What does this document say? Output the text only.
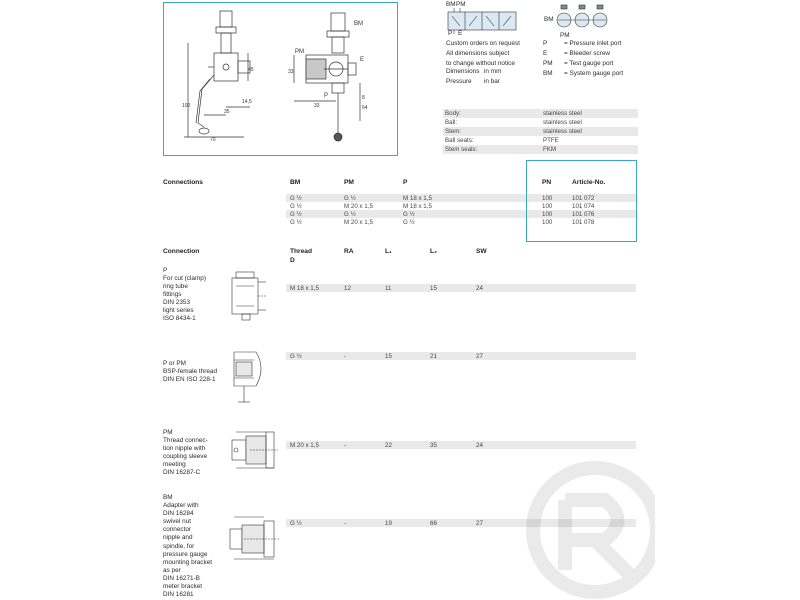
BM
PM
E
P
45	33
14,5
35
100
70
33
8
64
BM PM
P E
BM
PM
Custom orders on request
All dimensions subject
to change without notice
Dimensions in mm
Pressure in bar
P	= Pressure inlet port
E	= Bleeder screw
PM = Test gauge port
BM = System gauge port
Body:	stainless steel
Ball:	stainless steel
Stem:	stainless steel
Ball seats:	PTFE
Stem seals:	FKM
Connections	BM	PM	P	PN	Article-No.
G ½	G ½	M 18 x 1,5	100	101 072
G ½	M 20 x 1,5	M 18 x 1,5	100	101 074
G ½	G ½	G ½	100	101 076
G ½	M 20 x 1,5	G ½	100	101 078
Connection	Thread
D
RA	L₁	L₂	SW
P
For cut (clamp)
ring tube
fittings
DIN 2353
light series
ISO 8434-1
M 18 x 1,5	12	11	15	24
P or PM
BSP-female thread
DIN EN ISO 228-1
G ½	-	15	21	27
PM
Thread connec-
tion nipple with
coupling sleeve
meeting
DIN 16287-C
M 20 x 1,5	-	22	35	24
BM
Adapter with
DIN 16284
swivel nut
connector
nipple and
spindle, for
pressure gauge
mounting bracket
as per
DIN 16271-B
meter bracket
DIN 16281
G ½	-	19	66	27
